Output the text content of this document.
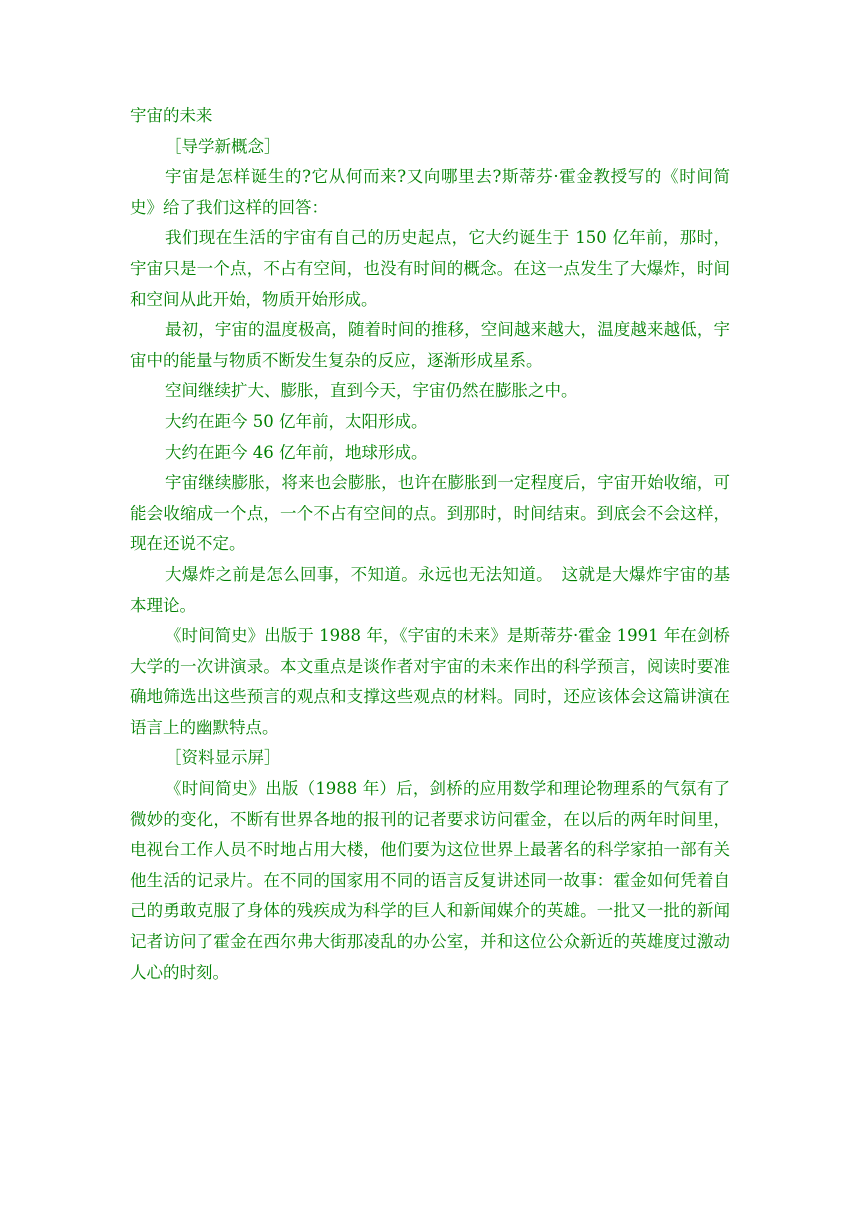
宇宙的未来

［导学新概念］

宇宙是怎样诞生的?它从何而来?又向哪里去?斯蒂芬·霍金教授写的《时间简史》给了我们这样的回答：

我们现在生活的宇宙有自己的历史起点，它大约诞生于 150 亿年前，那时，宇宙只是一个点，不占有空间，也没有时间的概念。在这一点发生了大爆炸，时间和空间从此开始，物质开始形成。

最初，宇宙的温度极高，随着时间的推移，空间越来越大，温度越来越低，宇宙中的能量与物质不断发生复杂的反应，逐渐形成星系。

空间继续扩大、膨胀，直到今天，宇宙仍然在膨胀之中。

大约在距今 50 亿年前，太阳形成。

大约在距今 46 亿年前，地球形成。

宇宙继续膨胀，将来也会膨胀，也许在膨胀到一定程度后，宇宙开始收缩，可能会收缩成一个点，一个不占有空间的点。到那时，时间结束。到底会不会这样，现在还说不定。

大爆炸之前是怎么回事，不知道。永远也无法知道。　这就是大爆炸宇宙的基本理论。

《时间简史》出版于 1988 年，《宇宙的未来》是斯蒂芬·霍金 1991 年在剑桥大学的一次讲演录。本文重点是谈作者对宇宙的未来作出的科学预言，阅读时要准确地筛选出这些预言的观点和支撑这些观点的材料。同时，还应该体会这篇讲演在语言上的幽默特点。

［资料显示屏］

《时间简史》出版（1988 年）后，剑桥的应用数学和理论物理系的气氛有了微妙的变化，不断有世界各地的报刊的记者要求访问霍金，在以后的两年时间里，电视台工作人员不时地占用大楼，他们要为这位世界上最著名的科学家拍一部有关他生活的记录片。在不同的国家用不同的语言反复讲述同一故事：霍金如何凭着自己的勇敢克服了身体的残疾成为科学的巨人和新闻媒介的英雄。一批又一批的新闻记者访问了霍金在西尔弗大街那凌乱的办公室，并和这位公众新近的英雄度过激动人心的时刻。
